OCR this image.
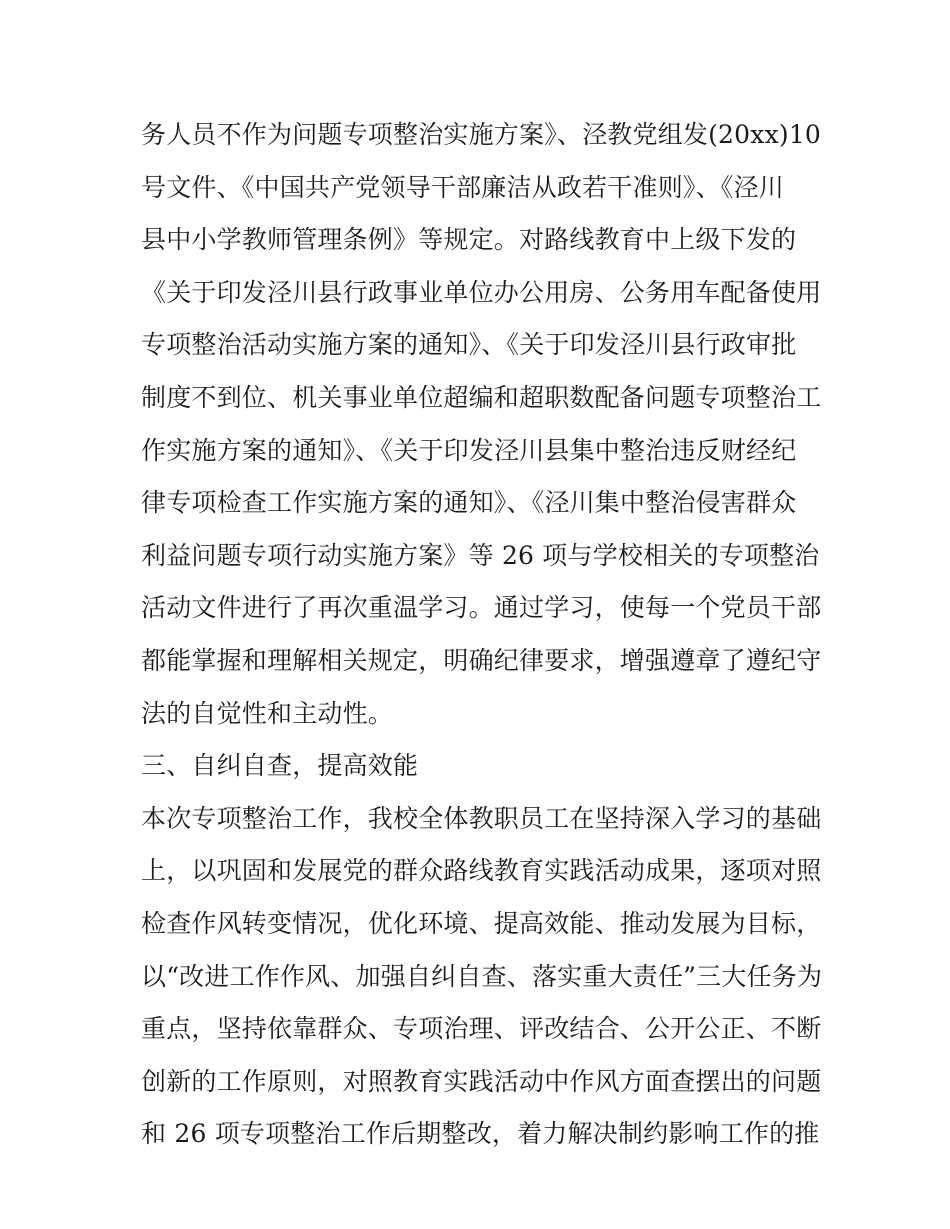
务人员不作为问题专项整治实施方案》、泾教党组发(20xx)10
号文件、《中国共产党领导干部廉洁从政若干准则》、《泾川
县中小学教师管理条例》等规定。对路线教育中上级下发的
《关于印发泾川县行政事业单位办公用房、公务用车配备使用
专项整治活动实施方案的通知》、《关于印发泾川县行政审批
制度不到位、机关事业单位超编和超职数配备问题专项整治工
作实施方案的通知》、《关于印发泾川县集中整治违反财经纪
律专项检查工作实施方案的通知》、《泾川集中整治侵害群众
利益问题专项行动实施方案》等 26 项与学校相关的专项整治
活动文件进行了再次重温学习。通过学习，使每一个党员干部
都能掌握和理解相关规定，明确纪律要求，增强遵章了遵纪守
法的自觉性和主动性。
三、自纠自查，提高效能
本次专项整治工作，我校全体教职员工在坚持深入学习的基础
上，以巩固和发展党的群众路线教育实践活动成果，逐项对照
检查作风转变情况，优化环境、提高效能、推动发展为目标，
以“改进工作作风、加强自纠自查、落实重大责任”三大任务为
重点，坚持依靠群众、专项治理、评改结合、公开公正、不断
创新的工作原则，对照教育实践活动中作风方面查摆出的问题
和 26 项专项整治工作后期整改，着力解决制约影响工作的推
